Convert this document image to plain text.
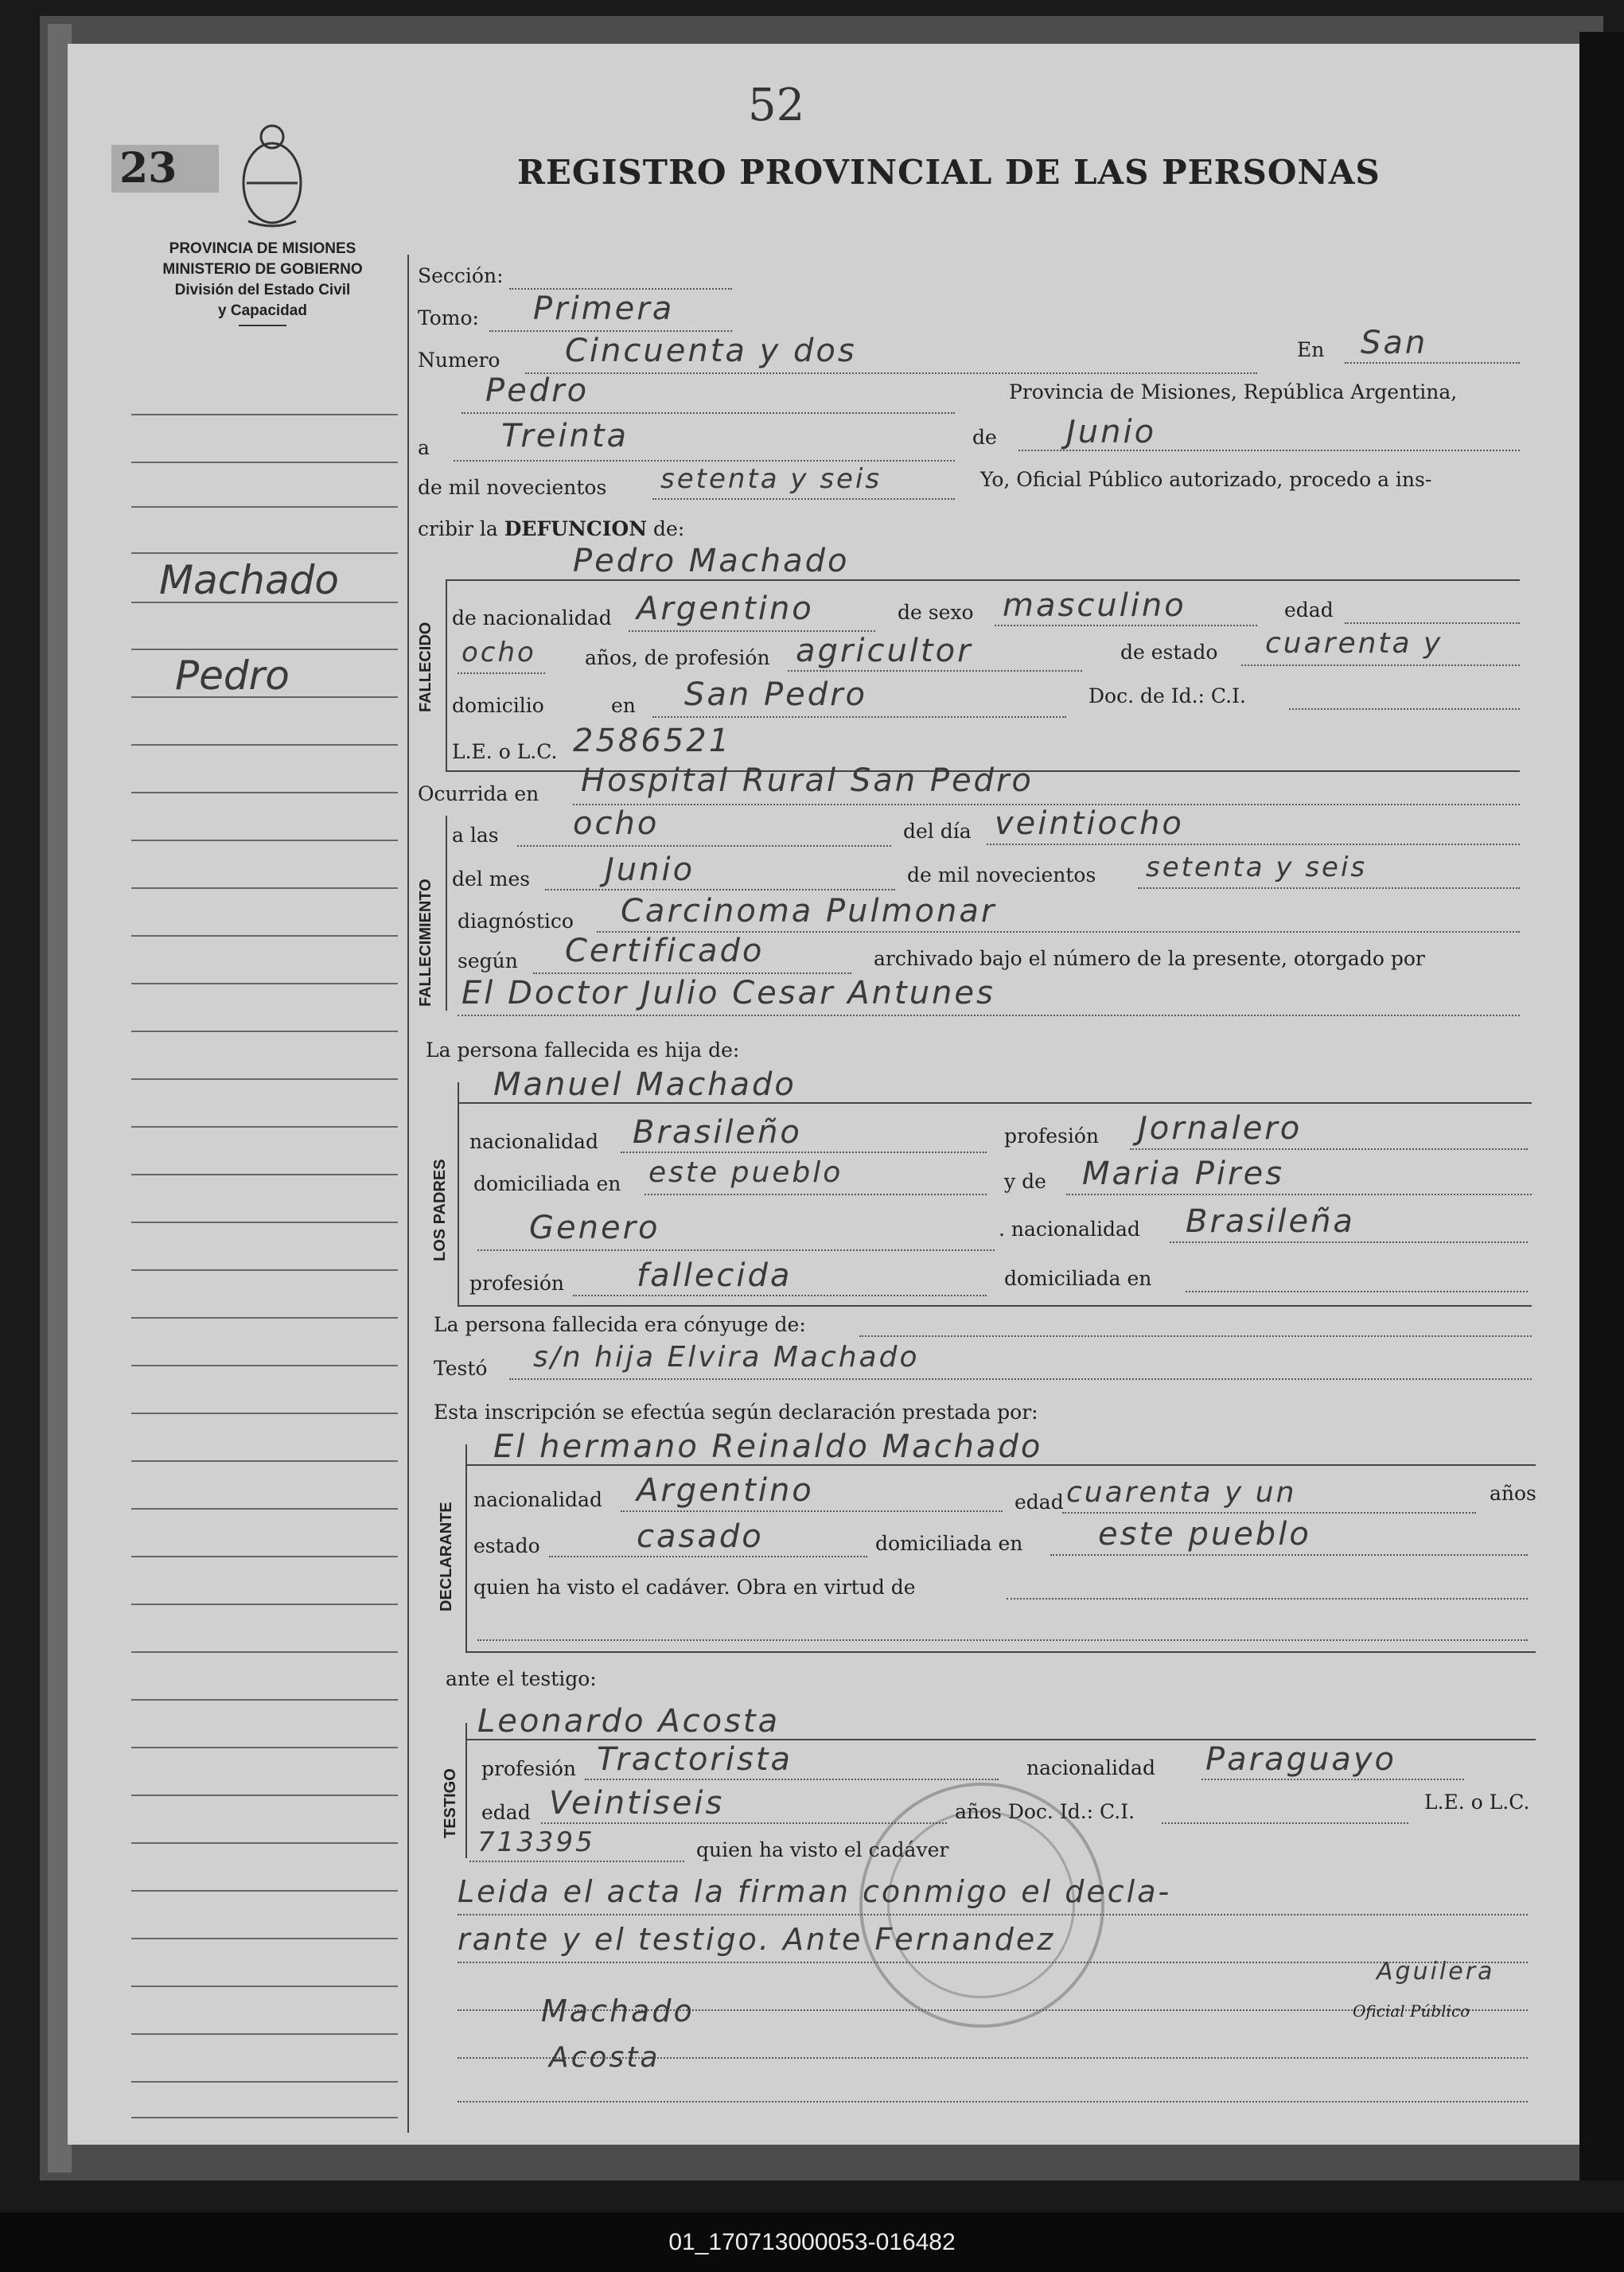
52
23
PROVINCIA DE MISIONES
MINISTERIO DE GOBIERNO
División del Estado Civil
y Capacidad
REGISTRO PROVINCIAL DE LAS PERSONAS
Machado
Pedro
Sección:
Tomo: Primera
Numero Cincuenta y dos	En San
Pedro	Provincia de Misiones, República Argentina,
a Treinta	de Junio
de mil novecientos setenta y seis	Yo, Oficial Público autorizado, procedo a ins-
cribir la DEFUNCION de:
FALLECIDO
Pedro Machado
de nacionalidad Argentino	de sexo masculino	edad
ocho años, de profesión agricultor	de estado cuarenta y
domicilio	en San Pedro	Doc. de Id.: C.I.
L.E. o L.C. 2586521
Ocurrida en Hospital Rural San Pedro
FALLECIMIENTO
a las ocho	del día veintiocho
del mes Junio	de mil novecientos setenta y seis
diagnóstico Carcinoma Pulmonar
según Certificado	archivado bajo el número de la presente, otorgado por
El Doctor Julio Cesar Antunes
La persona fallecida es hija de:
LOS PADRES
Manuel Machado
nacionalidad Brasileño	profesión Jornalero
domiciliada en este pueblo	y de Maria Pires
Genero	. nacionalidad Brasileña
profesión fallecida	domiciliada en
La persona fallecida era cónyuge de:
Testó s/n hija Elvira Machado
Esta inscripción se efectúa según declaración prestada por:
DECLARANTE
El hermano Reinaldo Machado
nacionalidad Argentino	edad cuarenta y un	años
estado	casado	domiciliada en este pueblo
quien ha visto el cadáver. Obra en virtud de
ante el testigo:
TESTIGO
Leonardo Acosta
profesión Tractorista	nacionalidad Paraguayo
edad Veintiseis	años Doc. Id.: C.I.	L.E. o L.C.
713395	quien ha visto el cadáver
Leida el acta la firman conmigo el decla-
rante y el testigo. Ante Fernandez
Machado
Acosta
Aguilera
Oficial Público
01_170713000053-016482
